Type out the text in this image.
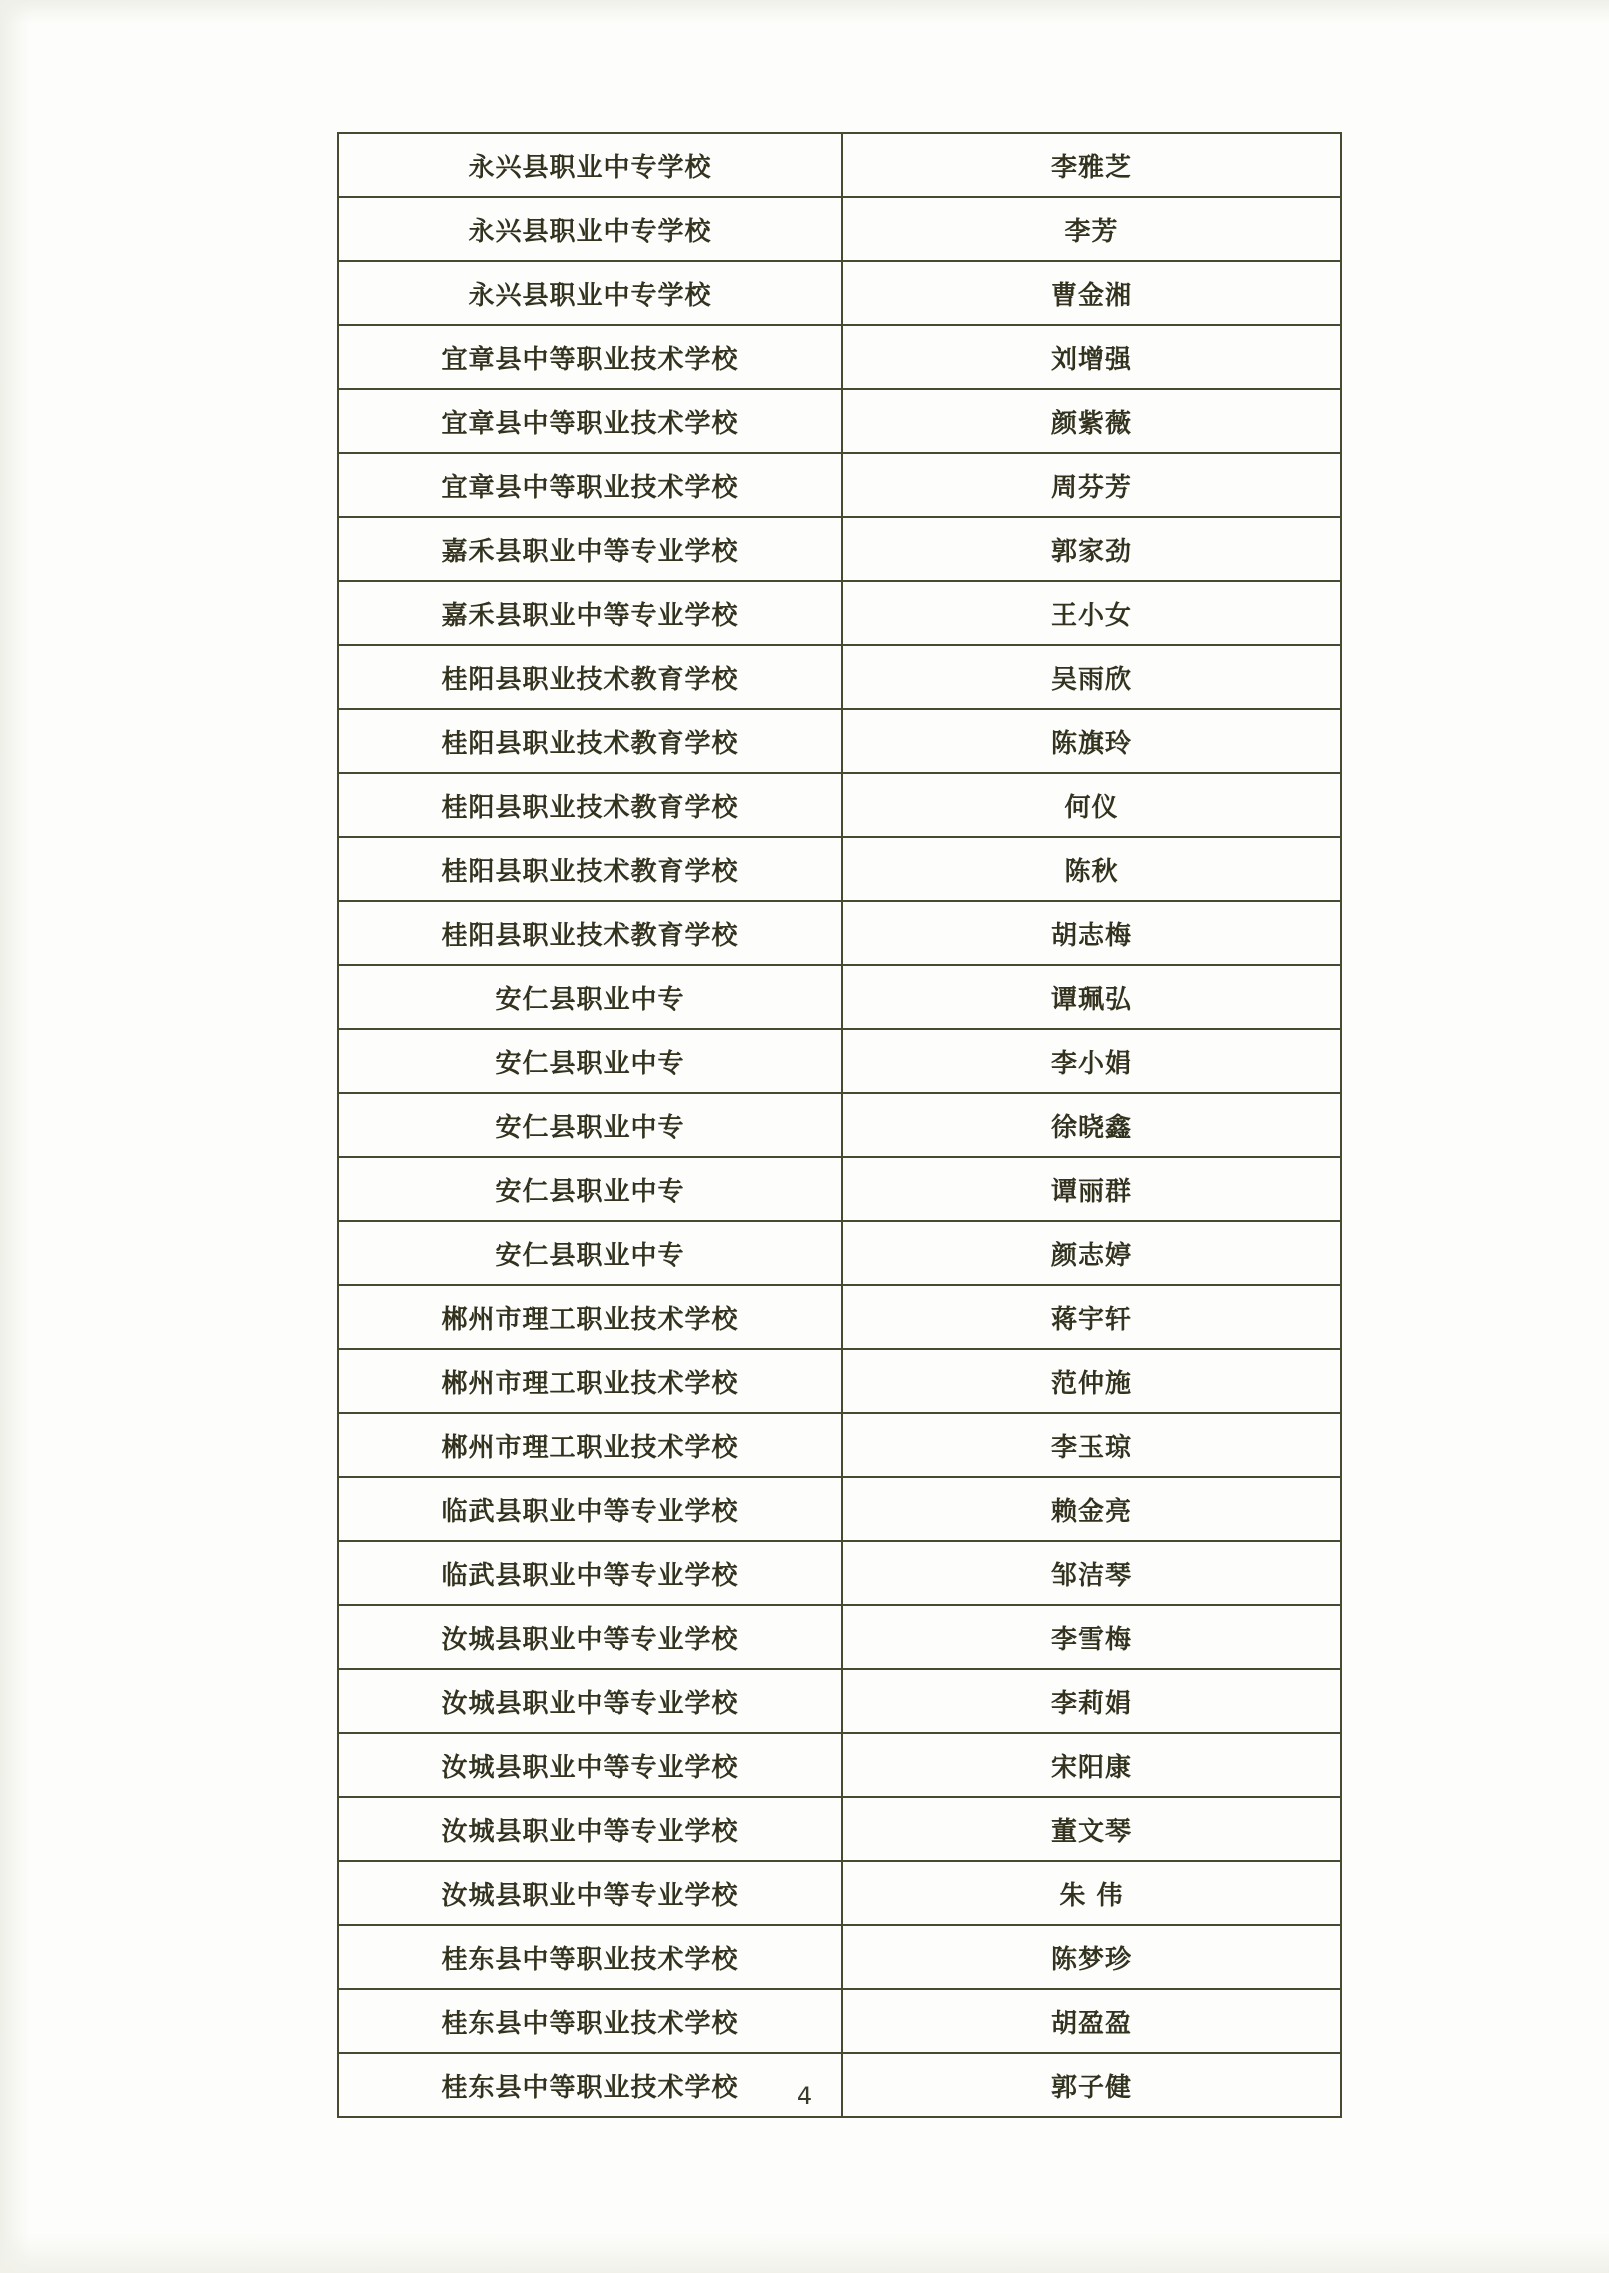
永兴县职业中专学校	李雅芝
永兴县职业中专学校	李芳
永兴县职业中专学校	曹金湘
宜章县中等职业技术学校	刘增强
宜章县中等职业技术学校	颜紫薇
宜章县中等职业技术学校	周芬芳
嘉禾县职业中等专业学校	郭家劲
嘉禾县职业中等专业学校	王小女
桂阳县职业技术教育学校	吴雨欣
桂阳县职业技术教育学校	陈旗玲
桂阳县职业技术教育学校	何仪
桂阳县职业技术教育学校	陈秋
桂阳县职业技术教育学校	胡志梅
安仁县职业中专	谭珮弘
安仁县职业中专	李小娟
安仁县职业中专	徐晓鑫
安仁县职业中专	谭丽群
安仁县职业中专	颜志婷
郴州市理工职业技术学校	蒋宇轩
郴州市理工职业技术学校	范仲施
郴州市理工职业技术学校	李玉琼
临武县职业中等专业学校	赖金亮
临武县职业中等专业学校	邹洁琴
汝城县职业中等专业学校	李雪梅
汝城县职业中等专业学校	李莉娟
汝城县职业中等专业学校	宋阳康
汝城县职业中等专业学校	董文琴
汝城县职业中等专业学校	朱 伟
桂东县中等职业技术学校	陈梦珍
桂东县中等职业技术学校	胡盈盈
桂东县中等职业技术学校	郭子健
4
